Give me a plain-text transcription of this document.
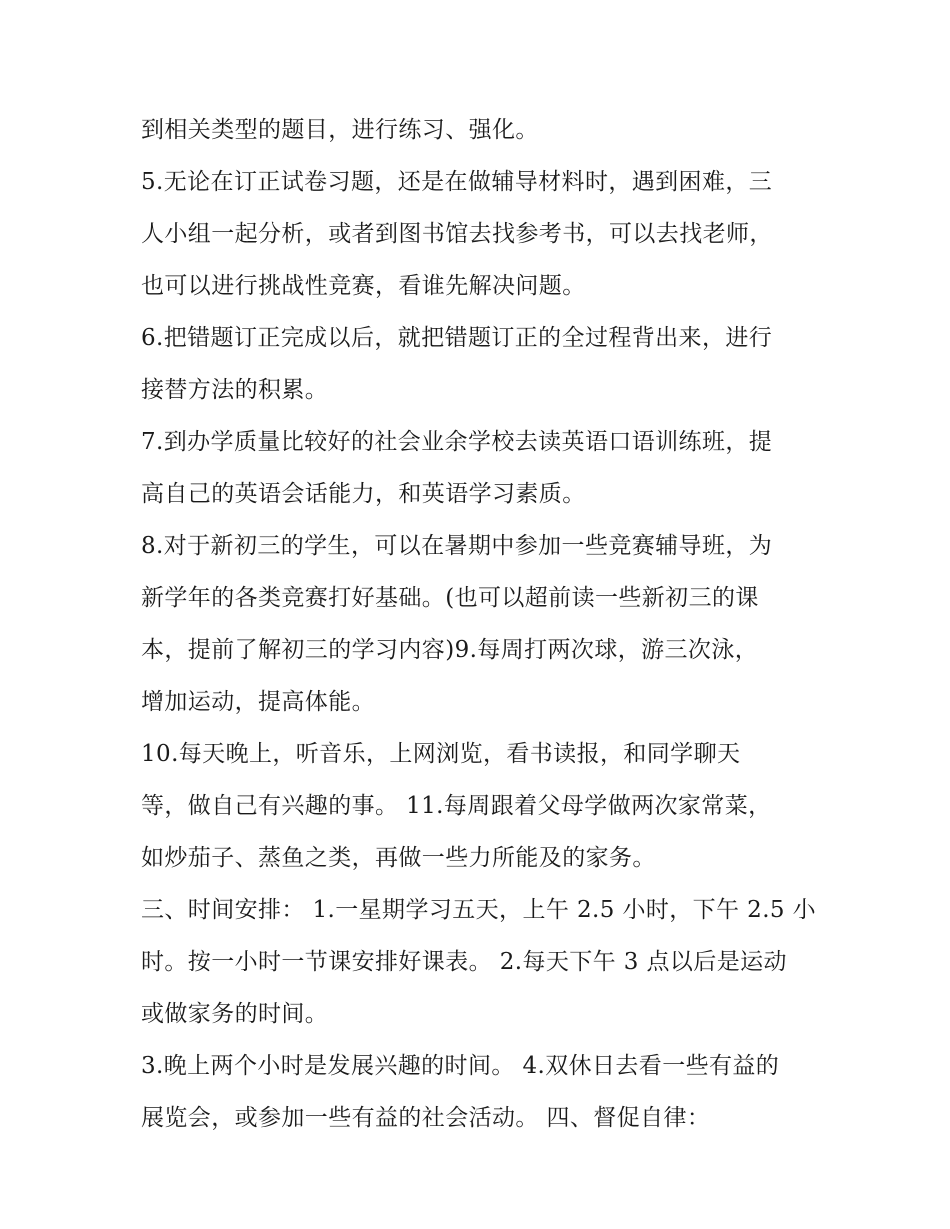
到相关类型的题目，进行练习、强化。
5.无论在订正试卷习题，还是在做辅导材料时，遇到困难，三
人小组一起分析，或者到图书馆去找参考书，可以去找老师，
也可以进行挑战性竞赛，看谁先解决问题。
6.把错题订正完成以后，就把错题订正的全过程背出来，进行
接替方法的积累。
7.到办学质量比较好的社会业余学校去读英语口语训练班，提
高自己的英语会话能力，和英语学习素质。
8.对于新初三的学生，可以在暑期中参加一些竞赛辅导班，为
新学年的各类竞赛打好基础。(也可以超前读一些新初三的课
本，提前了解初三的学习内容)9.每周打两次球，游三次泳，
增加运动，提高体能。
10.每天晚上，听音乐，上网浏览，看书读报，和同学聊天
等，做自己有兴趣的事。 11.每周跟着父母学做两次家常菜，
如炒茄子、蒸鱼之类，再做一些力所能及的家务。
三、时间安排： 1.一星期学习五天，上午 2.5 小时，下午 2.5 小
时。按一小时一节课安排好课表。 2.每天下午 3 点以后是运动
或做家务的时间。
3.晚上两个小时是发展兴趣的时间。 4.双休日去看一些有益的
展览会，或参加一些有益的社会活动。 四、督促自律：
